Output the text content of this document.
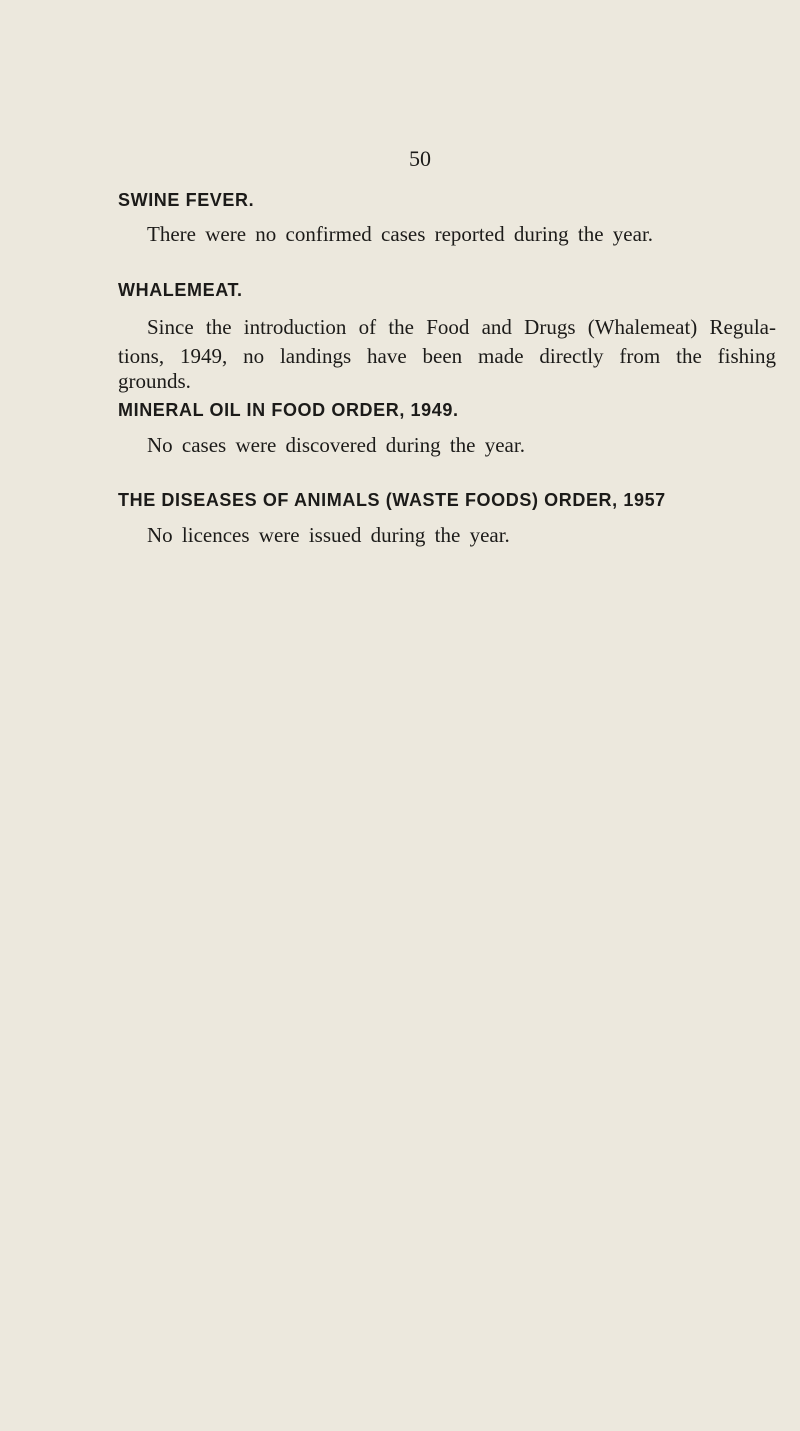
50
SWINE FEVER.
There were no confirmed cases reported during the year.
WHALEMEAT.
Since the introduction of the Food and Drugs (Whalemeat) Regula-
tions, 1949, no landings have been made directly from the fishing grounds.
MINERAL OIL IN FOOD ORDER, 1949.
No cases were discovered during the year.
THE DISEASES OF ANIMALS (WASTE FOODS) ORDER, 1957
No licences were issued during the year.
